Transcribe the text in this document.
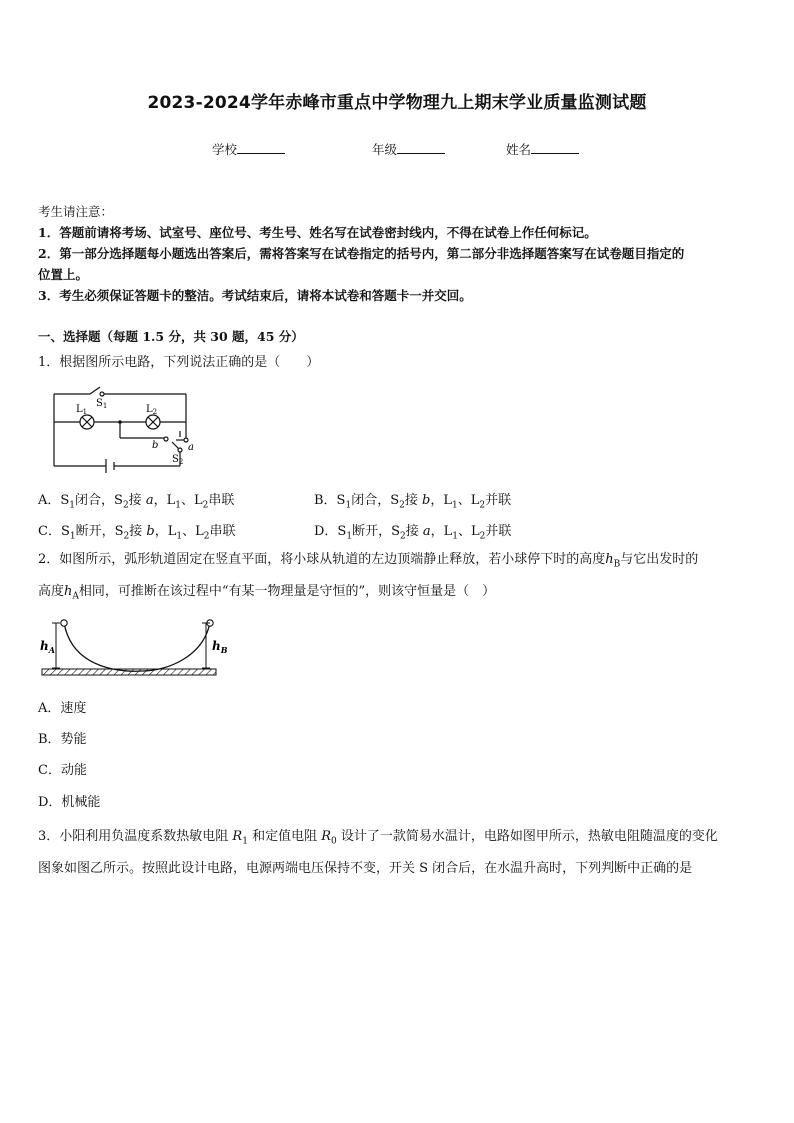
2023-2024学年赤峰市重点中学物理九上期末学业质量监测试题
学校	年级	姓名
考生请注意：
1．答题前请将考场、试室号、座位号、考生号、姓名写在试卷密封线内，不得在试卷上作任何标记。
2．第一部分选择题每小题选出答案后，需将答案写在试卷指定的括号内，第二部分非选择题答案写在试卷题目指定的
位置上。
3．考生必须保证答题卡的整洁。考试结束后，请将本试卷和答题卡一并交回。
一、选择题（每题 1.5 分，共 30 题，45 分）
1．根据图所示电路，下列说法正确的是（　　）
$L_1$	$L_2$
$S_1$
$S_2$
a
b
A．$S_1$闭合，$S_2$接 a，$L_1$、$L_2$串联	B．$S_1$闭合，$S_2$接 b，$L_1$、$L_2$并联
C．$S_1$断开，$S_2$接 b，$L_1$、$L_2$串联	D．$S_1$断开，$S_2$接 a，$L_1$、$L_2$并联
2．如图所示，弧形轨道固定在竖直平面，将小球从轨道的左边顶端静止释放，若小球停下时的高度$h_B$与它出发时的
高度$h_A$相同，可推断在该过程中“有某一物理量是守恒的”，则该守恒量是（　）
$h_A$	$h_B$
A．速度
B．势能
C．动能
D．机械能
3．小阳利用负温度系数热敏电阻 $R_1$ 和定值电阻 $R_0$ 设计了一款简易水温计，电路如图甲所示，热敏电阻随温度的变化
图象如图乙所示。按照此设计电路，电源两端电压保持不变，开关 S 闭合后，在水温升高时，下列判断中正确的是
